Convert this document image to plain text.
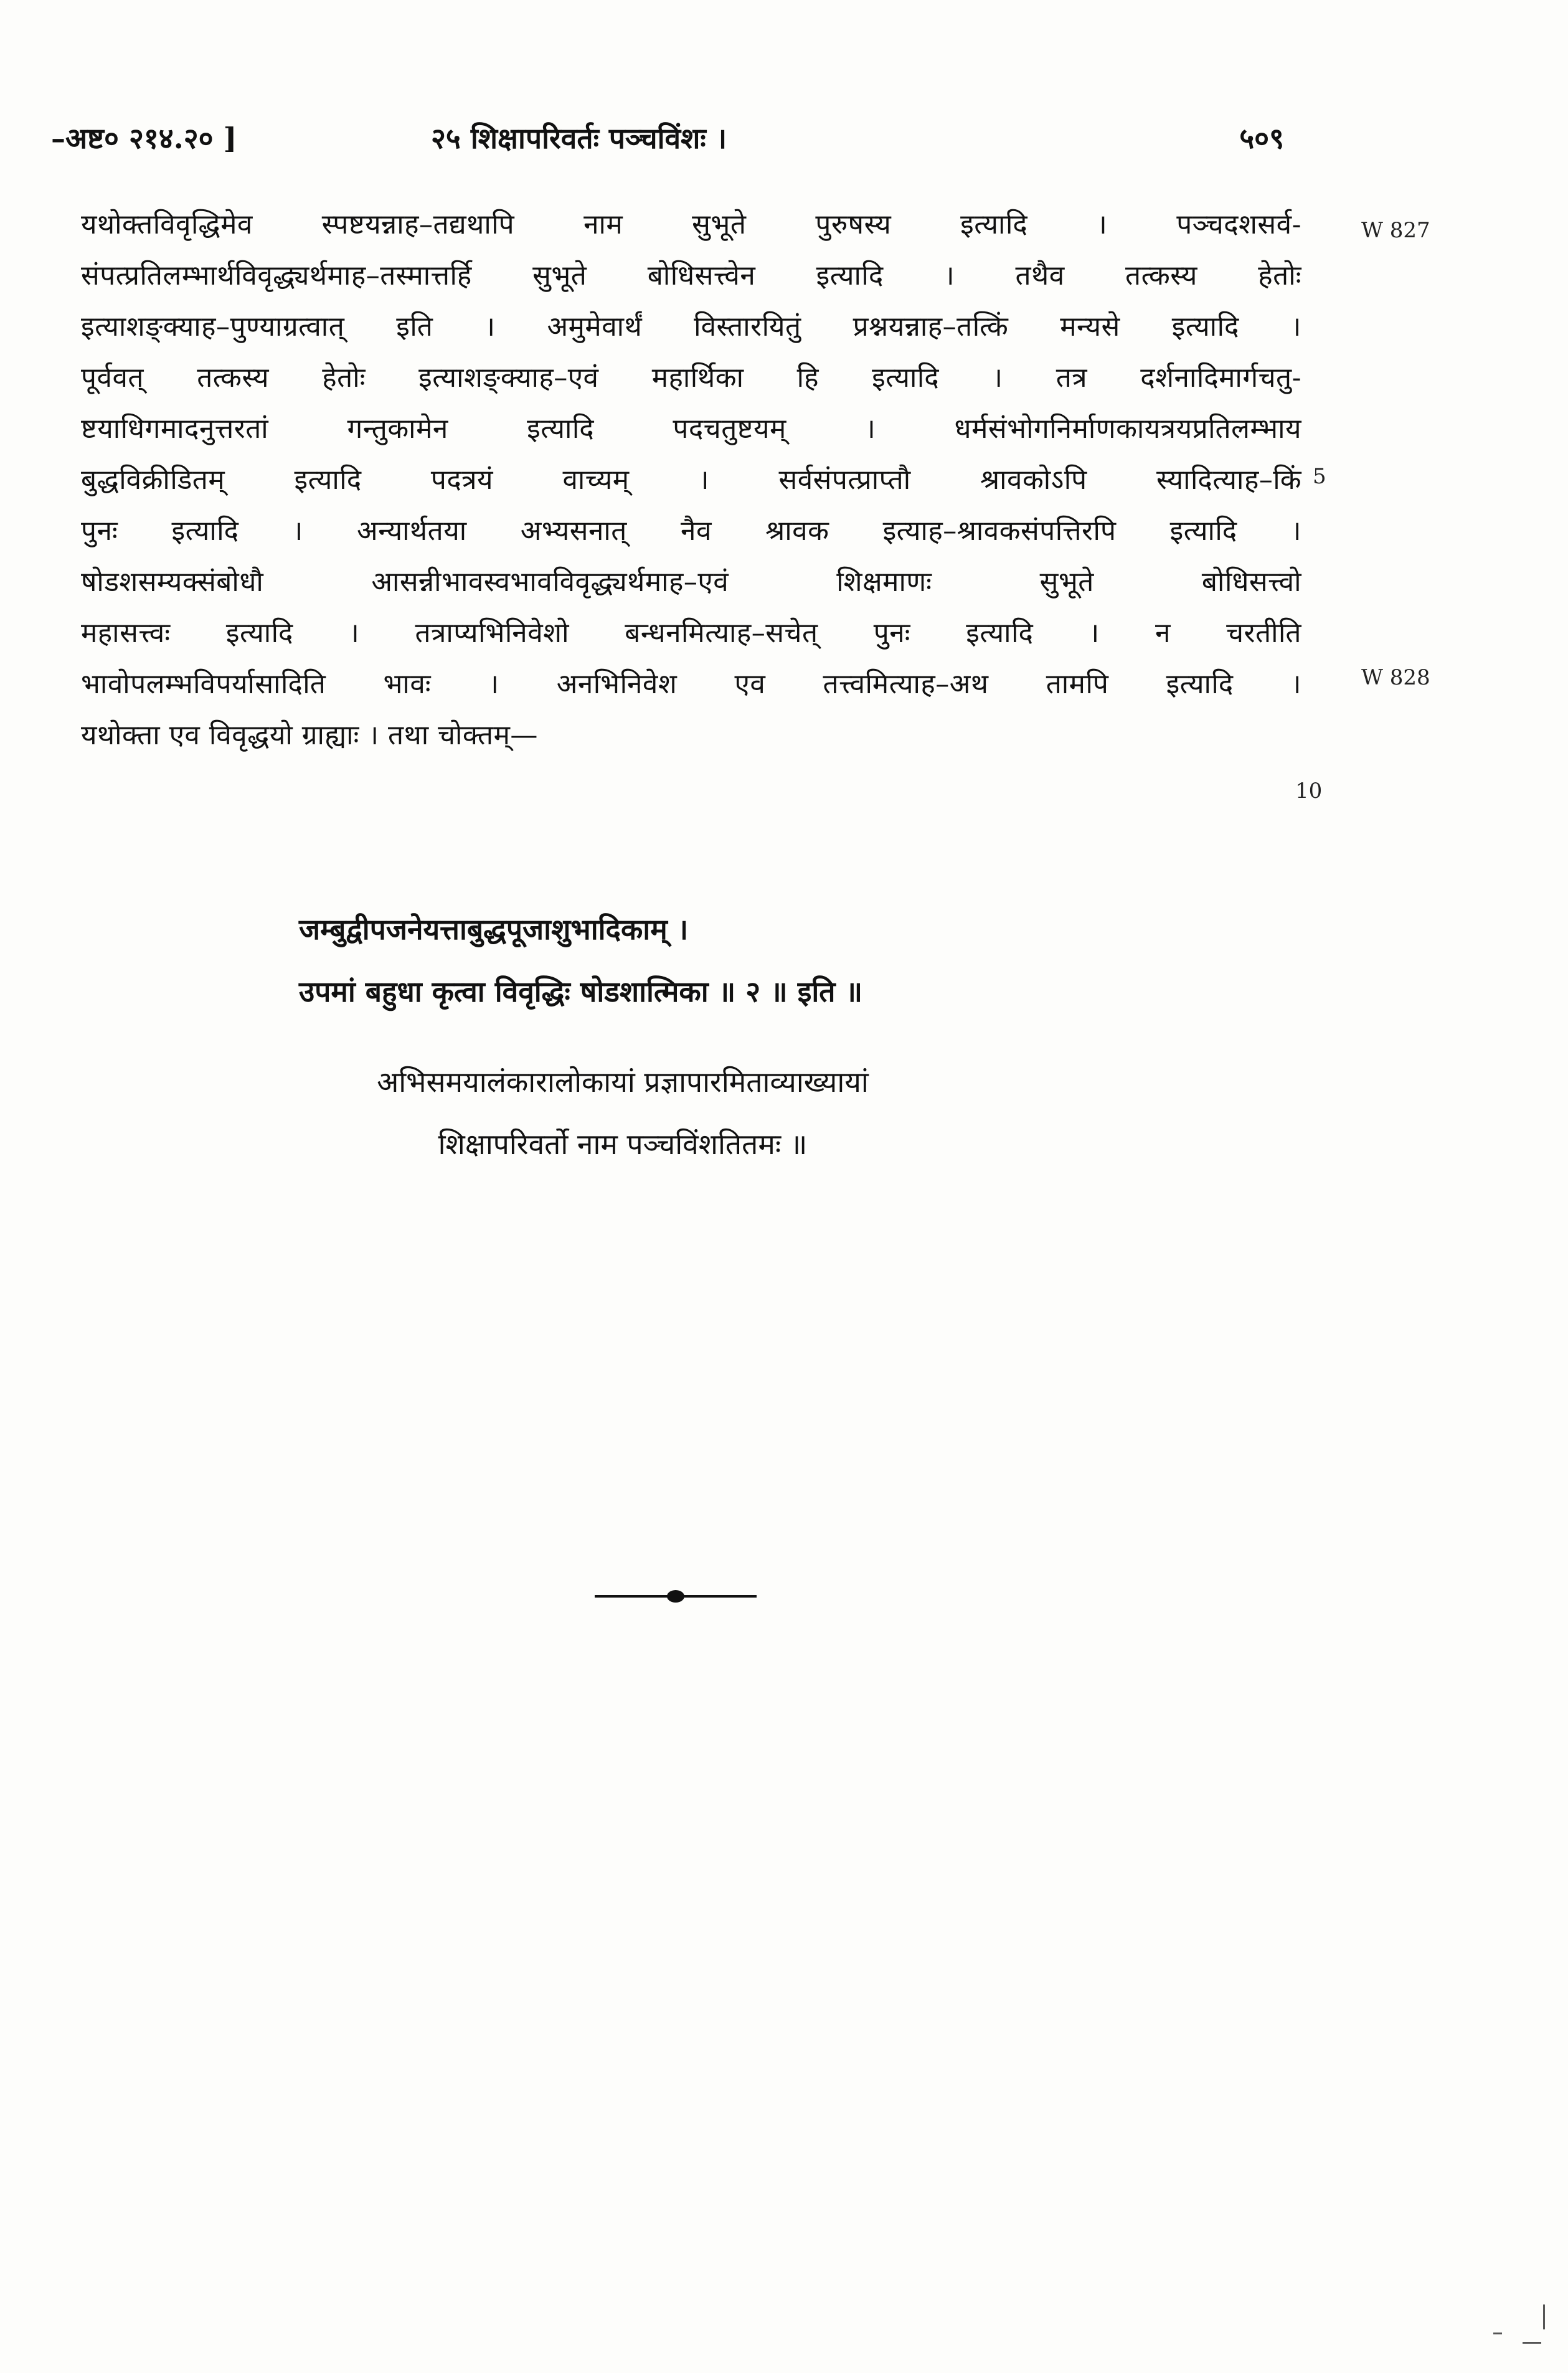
–अष्ट० २१४.२० ]	२५ शिक्षापरिवर्तः पञ्चविंशः ।	५०९
यथोक्तविवृद्धिमेव स्पष्टयन्नाह–तद्यथापि नाम सुभूते पुरुषस्य इत्यादि । पञ्चदशसर्व-
संपत्प्रतिलम्भार्थविवृद्ध्यर्थमाह–तस्मात्तर्हि सुभूते बोधिसत्त्वेन इत्यादि । तथैव तत्कस्य हेतोः
इत्याशङ्क्याह–पुण्याग्रत्वात् इति । अमुमेवार्थं विस्तारयितुं प्रश्नयन्नाह–तत्किं मन्यसे इत्यादि ।
पूर्ववत् तत्कस्य हेतोः इत्याशङ्क्याह–एवं महार्थिका हि इत्यादि । तत्र दर्शनादिमार्गचतु-
ष्टयाधिगमादनुत्तरतां गन्तुकामेन इत्यादि पदचतुष्टयम् । धर्मसंभोगनिर्माणकायत्रयप्रतिलम्भाय
बुद्धविक्रीडितम् इत्यादि पदत्रयं वाच्यम् । सर्वसंपत्प्राप्तौ श्रावकोऽपि स्यादित्याह–किं
पुनः इत्यादि । अन्यार्थतया अभ्यसनात् नैव श्रावक इत्याह–श्रावकसंपत्तिरपि इत्यादि ।
षोडशसम्यक्संबोधौ आसन्नीभावस्वभावविवृद्ध्यर्थमाह–एवं शिक्षमाणः सुभूते बोधिसत्त्वो
महासत्त्वः इत्यादि । तत्राप्यभिनिवेशो बन्धनमित्याह–सचेत् पुनः इत्यादि । न चरतीति
भावोपलम्भविपर्यासादिति भावः । अनभिनिवेश एव तत्त्वमित्याह–अथ तामपि इत्यादि ।
यथोक्ता एव विवृद्धयो ग्राह्याः । तथा चोक्तम्—
W 827
5
W 828
10
जम्बुद्वीपजनेयत्ताबुद्धपूजाशुभादिकाम् ।
उपमां बहुधा कृत्वा विवृद्धिः षोडशात्मिका ॥ २ ॥ इति ॥
अभिसमयालंकारालोकायां प्रज्ञापारमिताव्याख्यायां
शिक्षापरिवर्तो नाम पञ्चविंशतितमः ॥
